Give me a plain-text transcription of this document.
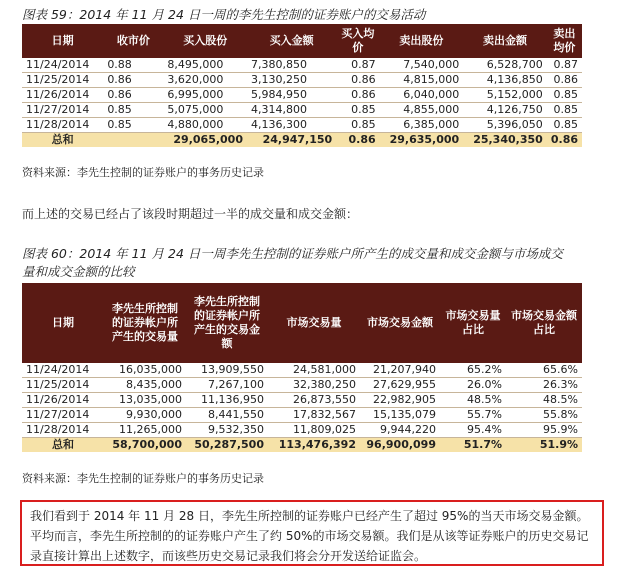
图表 59：2014 年 11 月 24 日一周的李先生控制的证券账户的交易活动
日期	收市价	买入股份	买入金额	买入均价	卖出股份	卖出金额	卖出均价
11/24/2014	0.88	8,495,000	7,380,850	0.87	7,540,000	6,528,700	0.87
11/25/2014	0.86	3,620,000	3,130,250	0.86	4,815,000	4,136,850	0.86
11/26/2014	0.86	6,995,000	5,984,950	0.86	6,040,000	5,152,000	0.85
11/27/2014	0.85	5,075,000	4,314,800	0.85	4,855,000	4,126,750	0.85
11/28/2014	0.85	4,880,000	4,136,300	0.85	6,385,000	5,396,050	0.85
总和		29,065,000	24,947,150	0.86	29,635,000	25,340,350	0.86
资料来源：李先生控制的证券账户的事务历史记录
而上述的交易已经占了该段时期超过一半的成交量和成交金额：
图表 60：2014 年 11 月 24 日一周李先生控制的证券账户所产生的成交量和成交金额与市场成交
量和成交金额的比较
日期	李先生所控制的证券帐户所产生的交易量	李先生所控制的证券帐户所产生的交易金额	市场交易量	市场交易金额	市场交易量占比	市场交易金额占比
11/24/2014	16,035,000	13,909,550	24,581,000	21,207,940	65.2%	65.6%
11/25/2014	8,435,000	7,267,100	32,380,250	27,629,955	26.0%	26.3%
11/26/2014	13,035,000	11,136,950	26,873,550	22,982,905	48.5%	48.5%
11/27/2014	9,930,000	8,441,550	17,832,567	15,135,079	55.7%	55.8%
11/28/2014	11,265,000	9,532,350	11,809,025	9,944,220	95.4%	95.9%
总和	58,700,000	50,287,500	113,476,392	96,900,099	51.7%	51.9%
资料来源：李先生控制的证券账户的事务历史记录
我们看到于 2014 年 11 月 28 日，李先生所控制的证券账户已经产生了超过 95%的当天市场交易金额。平均而言，李先生所控制的的证券账户产生了约 50%的市场交易额。我们是从该等证券账户的历史交易记录直接计算出上述数字，而该些历史交易记录我们将会分开发送给证监会。
